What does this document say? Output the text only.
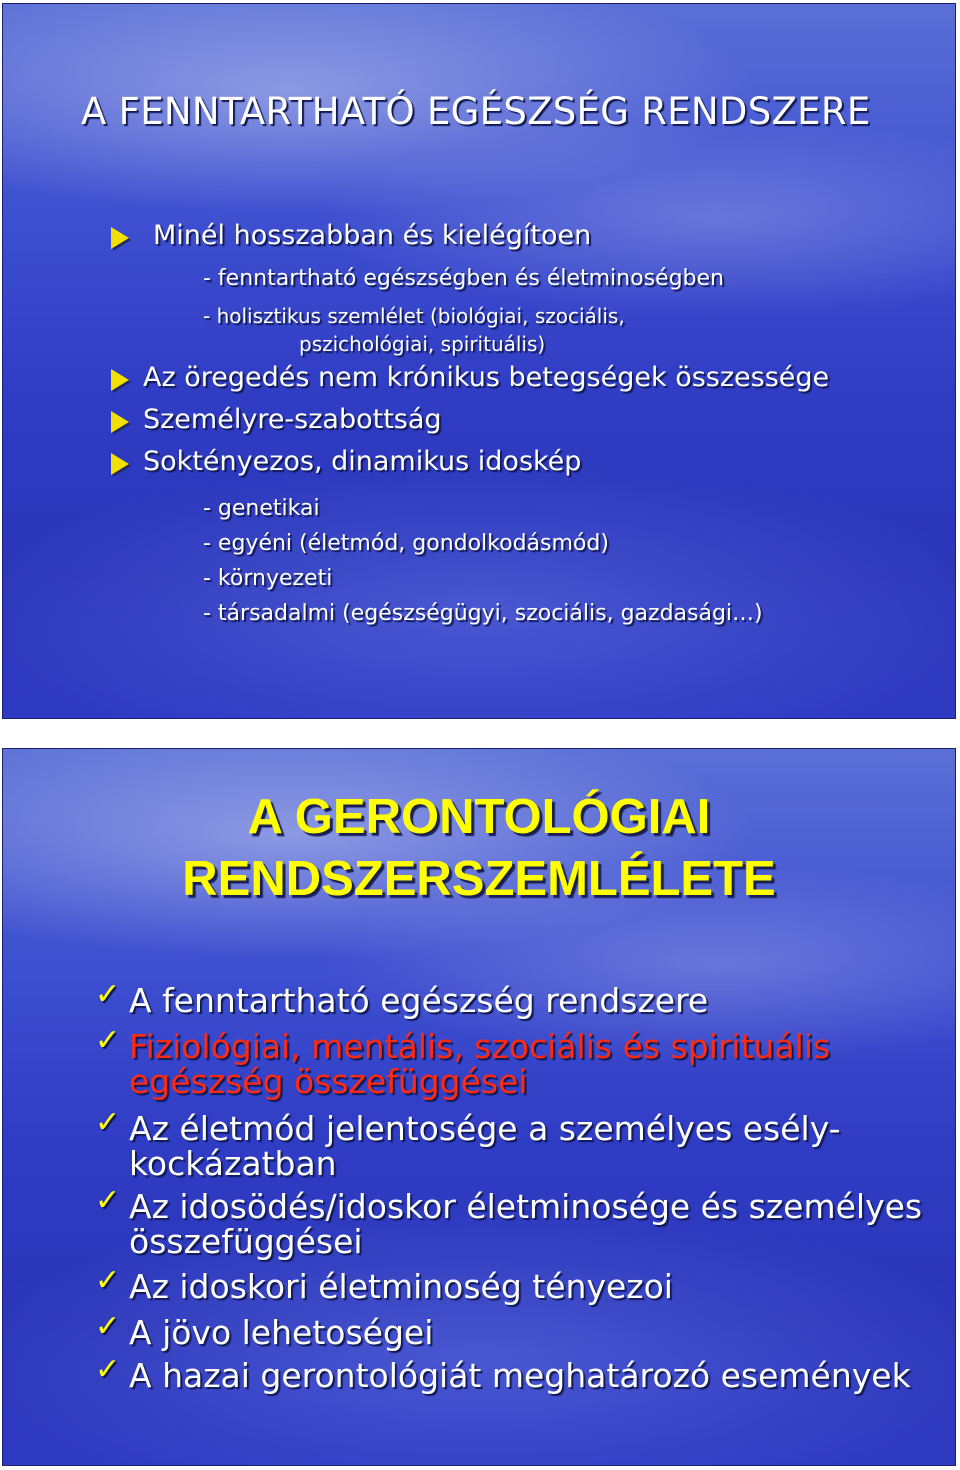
A FENNTARTHATÓ EGÉSZSÉG RENDSZERE
Minél hosszabban és kielégítoen
- fenntartható egészségben és életminoségben
- holisztikus szemlélet (biológiai, szociális,
pszichológiai, spirituális)
Az öregedés nem krónikus betegségek összessége
Személyre-szabottság
Soktényezos, dinamikus idoskép
- genetikai
- egyéni (életmód, gondolkodásmód)
- környezeti
- társadalmi (egészségügyi, szociális, gazdasági…)
A GERONTOLÓGIAI
RENDSZERSZEMLÉLETE
✓ A fenntartható egészség rendszere
✓ Fiziológiai, mentális, szociális és spirituális
egészség összefüggései
✓ Az életmód jelentosége a személyes esély-
kockázatban
✓ Az idosödés/idoskor életminosége és személyes
összefüggései
✓ Az idoskori életminoség tényezoi
✓ A jövo lehetoségei
✓ A hazai gerontológiát meghatározó események
